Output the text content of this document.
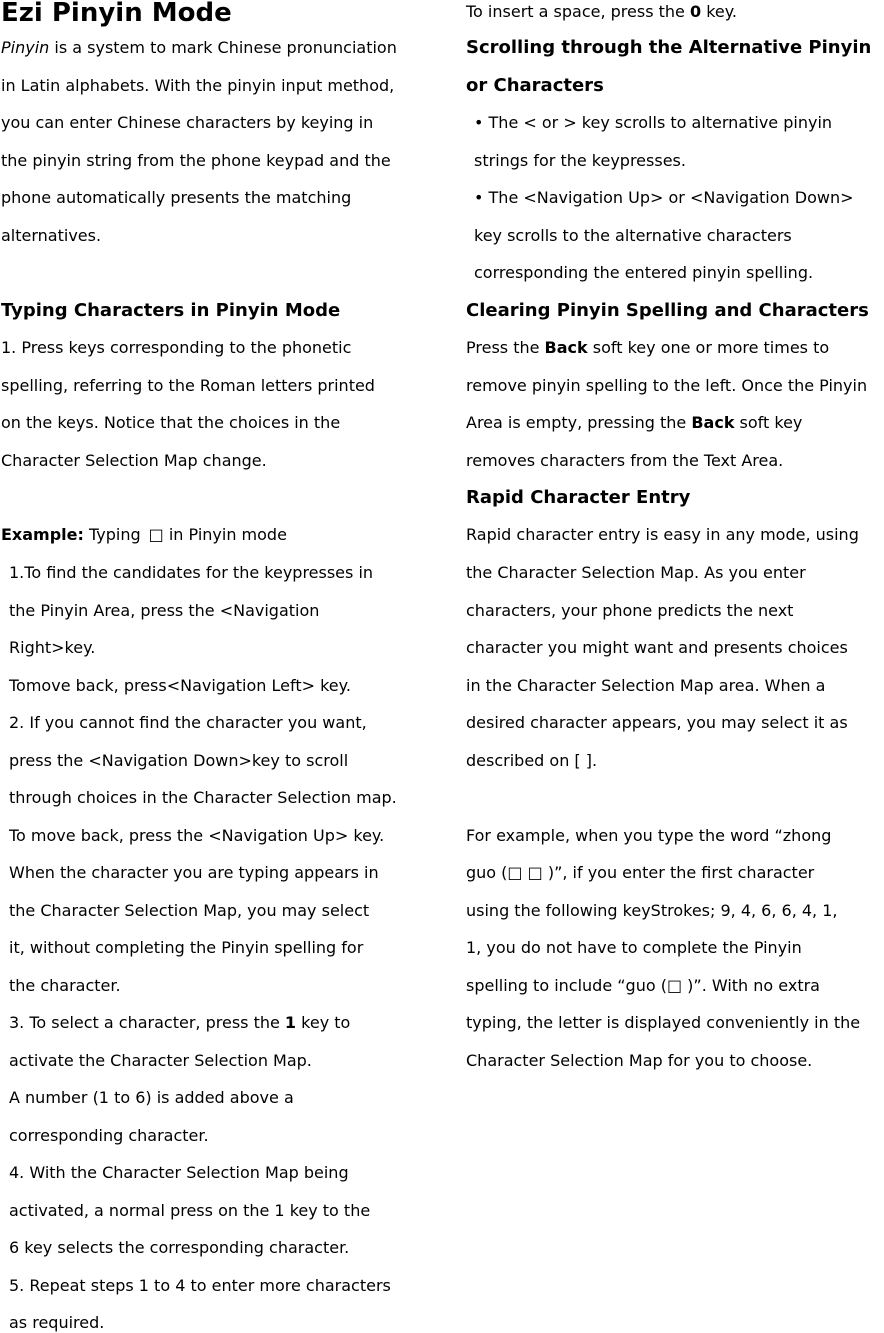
Ezi Pinyin Mode
Pinyin is a system to mark Chinese pronunciation
in Latin alphabets. With the pinyin input method,
you can enter Chinese characters by keying in
the pinyin string from the phone keypad and the
phone automatically presents the matching
alternatives.
Typing Characters in Pinyin Mode
1. Press keys corresponding to the phonetic
spelling, referring to the Roman letters printed
on the keys. Notice that the choices in the
Character Selection Map change.
Example: Typing □ in Pinyin mode
1.To find the candidates for the keypresses in
the Pinyin Area, press the <Navigation
Right>key.
Tomove back, press<Navigation Left> key.
2. If you cannot find the character you want,
press the <Navigation Down>key to scroll
through choices in the Character Selection map.
To move back, press the <Navigation Up> key.
When the character you are typing appears in
the Character Selection Map, you may select
it, without completing the Pinyin spelling for
the character.
3. To select a character, press the 1 key to
activate the Character Selection Map.
A number (1 to 6) is added above a
corresponding character.
4. With the Character Selection Map being
activated, a normal press on the 1 key to the
6 key selects the corresponding character.
5. Repeat steps 1 to 4 to enter more characters
as required.
To insert a space, press the 0 key.
Scrolling through the Alternative Pinyin
or Characters
• The < or > key scrolls to alternative pinyin
strings for the keypresses.
• The <Navigation Up> or <Navigation Down>
key scrolls to the alternative characters
corresponding the entered pinyin spelling.
Clearing Pinyin Spelling and Characters
Press the Back soft key one or more times to
remove pinyin spelling to the left. Once the Pinyin
Area is empty, pressing the Back soft key
removes characters from the Text Area.
Rapid Character Entry
Rapid character entry is easy in any mode, using
the Character Selection Map. As you enter
characters, your phone predicts the next
character you might want and presents choices
in the Character Selection Map area. When a
desired character appears, you may select it as
described on [ ].
For example, when you type the word “zhong
guo (□ □ )”, if you enter the first character
using the following keyStrokes; 9, 4, 6, 6, 4, 1,
1, you do not have to complete the Pinyin
spelling to include “guo (□ )”. With no extra
typing, the letter is displayed conveniently in the
Character Selection Map for you to choose.
